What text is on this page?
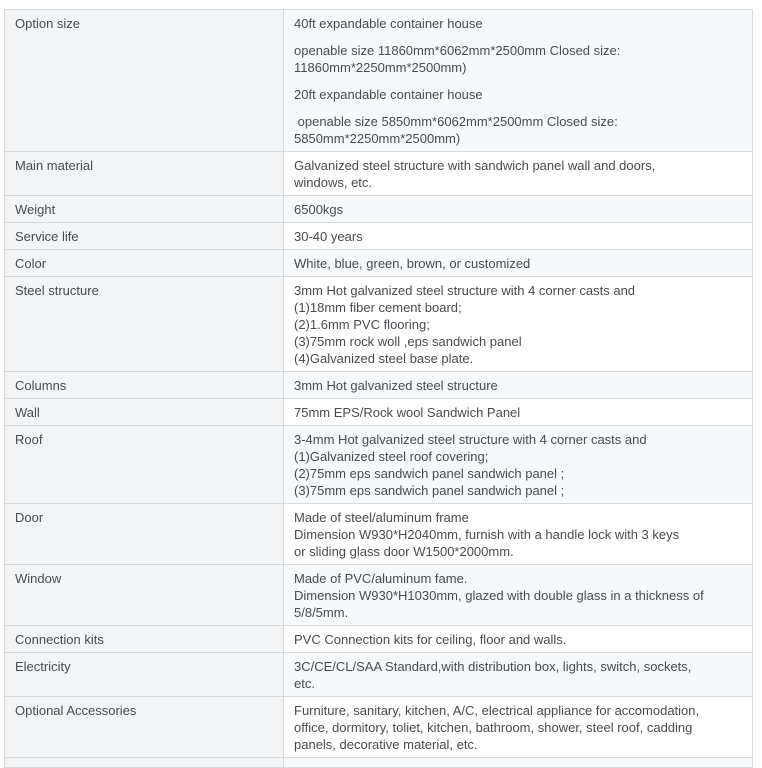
Option size	40ft expandable container house

openable size 11860mm*6062mm*2500mm Closed size:
11860mm*2250mm*2500mm)

20ft expandable container house

openable size 5850mm*6062mm*2500mm Closed size:
5850mm*2250mm*2500mm)

Main material	Galvanized steel structure with sandwich panel wall and doors,
windows, etc.

Weight	6500kgs

Service life	30-40 years

Color	White, blue, green, brown, or customized

Steel structure	3mm Hot galvanized steel structure with 4 corner casts and
(1)18mm fiber cement board;
(2)1.6mm PVC flooring;
(3)75mm rock woll ,eps sandwich panel
(4)Galvanized steel base plate.

Columns	3mm Hot galvanized steel structure

Wall	75mm EPS/Rock wool Sandwich Panel

Roof	3-4mm Hot galvanized steel structure with 4 corner casts and
(1)Galvanized steel roof covering;
(2)75mm eps sandwich panel sandwich panel ;
(3)75mm eps sandwich panel sandwich panel ;

Door	Made of steel/aluminum frame
Dimension W930*H2040mm, furnish with a handle lock with 3 keys
or sliding glass door W1500*2000mm.

Window	Made of PVC/aluminum fame.
Dimension W930*H1030mm, glazed with double glass in a thickness of
5/8/5mm.

Connection kits	PVC Connection kits for ceiling, floor and walls.

Electricity	3C/CE/CL/SAA Standard,with distribution box, lights, switch, sockets,
etc.

Optional Accessories	Furniture, sanitary, kitchen, A/C, electrical appliance for accomodation,
office, dormitory, toliet, kitchen, bathroom, shower, steel roof, cadding
panels, decorative material, etc.
